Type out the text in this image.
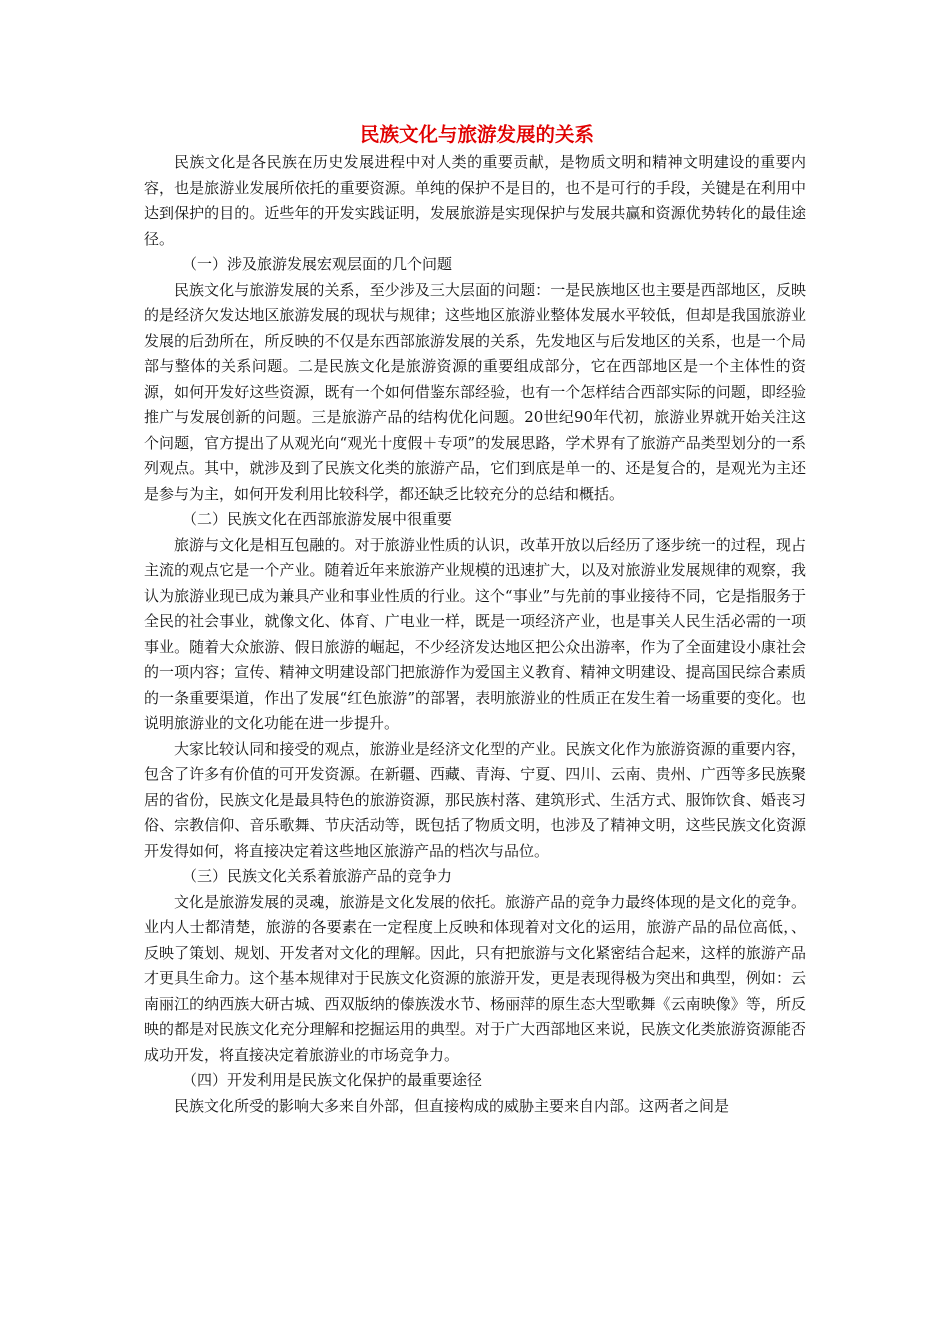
民族文化与旅游发展的关系

民族文化是各民族在历史发展进程中对人类的重要贡献，是物质文明和精神文明建设的重要内容，也是旅游业发展所依托的重要资源。单纯的保护不是目的，也不是可行的手段，关键是在利用中达到保护的目的。近些年的开发实践证明，发展旅游是实现保护与发展共赢和资源优势转化的最佳途径。

（一）涉及旅游发展宏观层面的几个问题

民族文化与旅游发展的关系，至少涉及三大层面的问题：一是民族地区也主要是西部地区，反映的是经济欠发达地区旅游发展的现状与规律；这些地区旅游业整体发展水平较低，但却是我国旅游业发展的后劲所在，所反映的不仅是东西部旅游发展的关系，先发地区与后发地区的关系，也是一个局部与整体的关系问题。二是民族文化是旅游资源的重要组成部分，它在西部地区是一个主体性的资源，如何开发好这些资源，既有一个如何借鉴东部经验，也有一个怎样结合西部实际的问题，即经验推广与发展创新的问题。三是旅游产品的结构优化问题。20世纪90年代初，旅游业界就开始关注这个问题，官方提出了从观光向“观光十度假＋专项”的发展思路，学术界有了旅游产品类型划分的一系列观点。其中，就涉及到了民族文化类的旅游产品，它们到底是单一的、还是复合的，是观光为主还是参与为主，如何开发利用比较科学，都还缺乏比较充分的总结和概括。

（二）民族文化在西部旅游发展中很重要

旅游与文化是相互包融的。对于旅游业性质的认识，改革开放以后经历了逐步统一的过程，现占主流的观点它是一个产业。随着近年来旅游产业规模的迅速扩大，以及对旅游业发展规律的观察，我认为旅游业现已成为兼具产业和事业性质的行业。这个“事业”与先前的事业接待不同，它是指服务于全民的社会事业，就像文化、体育、广电业一样，既是一项经济产业，也是事关人民生活必需的一项事业。随着大众旅游、假日旅游的崛起，不少经济发达地区把公众出游率，作为了全面建设小康社会的一项内容；宣传、精神文明建设部门把旅游作为爱国主义教育、精神文明建设、提高国民综合素质的一条重要渠道，作出了发展“红色旅游”的部署，表明旅游业的性质正在发生着一场重要的变化。也说明旅游业的文化功能在进一步提升。

大家比较认同和接受的观点，旅游业是经济文化型的产业。民族文化作为旅游资源的重要内容，包含了许多有价值的可开发资源。在新疆、西藏、青海、宁夏、四川、云南、贵州、广西等多民族聚居的省份，民族文化是最具特色的旅游资源，那民族村落、建筑形式、生活方式、服饰饮食、婚丧习俗、宗教信仰、音乐歌舞、节庆活动等，既包括了物质文明，也涉及了精神文明，这些民族文化资源开发得如何，将直接决定着这些地区旅游产品的档次与品位。

（三）民族文化关系着旅游产品的竞争力

文化是旅游发展的灵魂，旅游是文化发展的依托。旅游产品的竞争力最终体现的是文化的竞争。业内人士都清楚，旅游的各要素在一定程度上反映和体现着对文化的运用，旅游产品的品位高低，、反映了策划、规划、开发者对文化的理解。因此，只有把旅游与文化紧密结合起来，这样的旅游产品才更具生命力。这个基本规律对于民族文化资源的旅游开发，更是表现得极为突出和典型，例如：云南丽江的纳西族大研古城、西双版纳的傣族泼水节、杨丽萍的原生态大型歌舞《云南映像》等，所反映的都是对民族文化充分理解和挖掘运用的典型。对于广大西部地区来说，民族文化类旅游资源能否成功开发，将直接决定着旅游业的市场竞争力。

（四）开发利用是民族文化保护的最重要途径

民族文化所受的影响大多来自外部，但直接构成的威胁主要来自内部。这两者之间是
